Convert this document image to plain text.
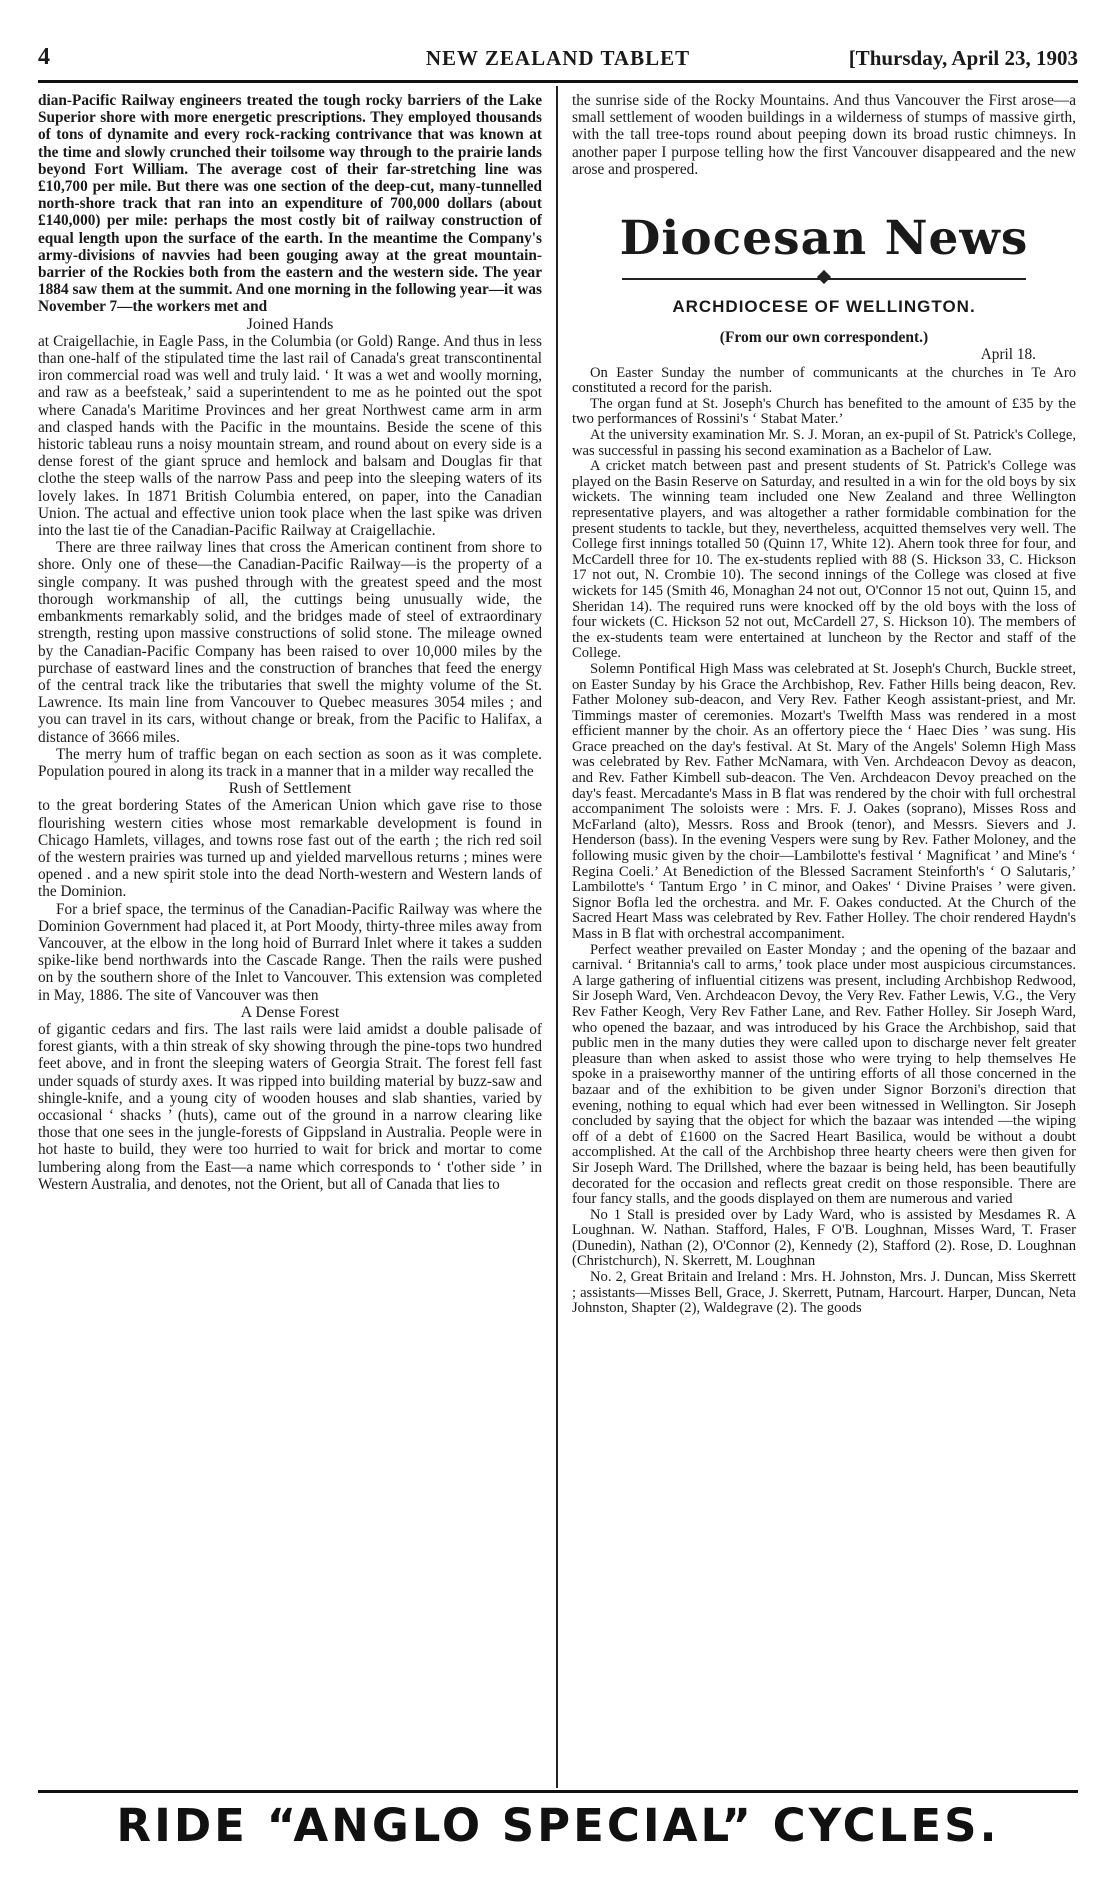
4	NEW ZEALAND TABLET	[Thursday, April 23, 1903

dian-Pacific Railway engineers treated the tough rocky barriers of the Lake Superior shore with more energetic prescriptions. They employed thousands of tons of dynamite and every rock-racking contrivance that was known at the time and slowly crunched their toilsome way through to the prairie lands beyond Fort William. The average cost of their far-stretching line was £10,700 per mile. But there was one section of the deep-cut, many-tunnelled north-shore track that ran into an expenditure of 700,000 dollars (about £140,000) per mile: perhaps the most costly bit of railway construction of equal length upon the surface of the earth. In the meantime the Company's army-divisions of navvies had been gouging away at the great mountain-barrier of the Rockies both from the eastern and the western side. The year 1884 saw them at the summit. And one morning in the following year—it was November 7—the workers met and

Joined Hands

at Craigellachie, in Eagle Pass, in the Columbia (or Gold) Range. And thus in less than one-half of the stipulated time the last rail of Canada's great transcontinental iron commercial road was well and truly laid. ‘ It was a wet and woolly morning, and raw as a beefsteak,’ said a superintendent to me as he pointed out the spot where Canada's Maritime Provinces and her great Northwest came arm in arm and clasped hands with the Pacific in the mountains. Beside the scene of this historic tableau runs a noisy mountain stream, and round about on every side is a dense forest of the giant spruce and hemlock and balsam and Douglas fir that clothe the steep walls of the narrow Pass and peep into the sleeping waters of its lovely lakes. In 1871 British Columbia entered, on paper, into the Canadian Union. The actual and effective union took place when the last spike was driven into the last tie of the Canadian-Pacific Railway at Craigellachie.

There are three railway lines that cross the American continent from shore to shore. Only one of these—the Canadian-Pacific Railway—is the property of a single company. It was pushed through with the greatest speed and the most thorough workmanship of all, the cuttings being unusually wide, the embankments remarkably solid, and the bridges made of steel of extraordinary strength, resting upon massive constructions of solid stone. The mileage owned by the Canadian-Pacific Company has been raised to over 10,000 miles by the purchase of eastward lines and the construction of branches that feed the energy of the central track like the tributaries that swell the mighty volume of the St. Lawrence. Its main line from Vancouver to Quebec measures 3054 miles ; and you can travel in its cars, without change or break, from the Pacific to Halifax, a distance of 3666 miles.

The merry hum of traffic began on each section as soon as it was complete. Population poured in along its track in a manner that in a milder way recalled the

Rush of Settlement

to the great bordering States of the American Union which gave rise to those flourishing western cities whose most remarkable development is found in Chicago Hamlets, villages, and towns rose fast out of the earth ; the rich red soil of the western prairies was turned up and yielded marvellous returns ; mines were opened . and a new spirit stole into the dead North-western and Western lands of the Dominion.

For a brief space, the terminus of the Canadian-Pacific Railway was where the Dominion Government had placed it, at Port Moody, thirty-three miles away from Vancouver, at the elbow in the long hoid of Burrard Inlet where it takes a sudden spike-like bend northwards into the Cascade Range. Then the rails were pushed on by the southern shore of the Inlet to Vancouver. This extension was completed in May, 1886. The site of Vancouver was then

A Dense Forest

of gigantic cedars and firs. The last rails were laid amidst a double palisade of forest giants, with a thin streak of sky showing through the pine-tops two hundred feet above, and in front the sleeping waters of Georgia Strait. The forest fell fast under squads of sturdy axes. It was ripped into building material by buzz-saw and shingle-knife, and a young city of wooden houses and slab shanties, varied by occasional ‘ shacks ’ (huts), came out of the ground in a narrow clearing like those that one sees in the jungle-forests of Gippsland in Australia. People were in hot haste to build, they were too hurried to wait for brick and mortar to come lumbering along from the East—a name which corresponds to ‘ t'other side ’ in Western Australia, and denotes, not the Orient, but all of Canada that lies to

the sunrise side of the Rocky Mountains. And thus Vancouver the First arose—a small settlement of wooden buildings in a wilderness of stumps of massive girth, with the tall tree-tops round about peeping down its broad rustic chimneys. In another paper I purpose telling how the first Vancouver disappeared and the new arose and prospered.

Diocesan News
ARCHDIOCESE OF WELLINGTON.
(From our own correspondent.)
April 18.

On Easter Sunday the number of communicants at the churches in Te Aro constituted a record for the parish.

The organ fund at St. Joseph's Church has benefited to the amount of £35 by the two performances of Rossini's ‘ Stabat Mater.’

At the university examination Mr. S. J. Moran, an ex-pupil of St. Patrick's College, was successful in passing his second examination as a Bachelor of Law.

A cricket match between past and present students of St. Patrick's College was played on the Basin Reserve on Saturday, and resulted in a win for the old boys by six wickets. The winning team included one New Zealand and three Wellington representative players, and was altogether a rather formidable combination for the present students to tackle, but they, nevertheless, acquitted themselves very well. The College first innings totalled 50 (Quinn 17, White 12). Ahern took three for four, and McCardell three for 10. The ex-students replied with 88 (S. Hickson 33, C. Hickson 17 not out, N. Crombie 10). The second innings of the College was closed at five wickets for 145 (Smith 46, Monaghan 24 not out, O'Connor 15 not out, Quinn 15, and Sheridan 14). The required runs were knocked off by the old boys with the loss of four wickets (C. Hickson 52 not out, McCardell 27, S. Hickson 10). The members of the ex-students team were entertained at luncheon by the Rector and staff of the College.

Solemn Pontifical High Mass was celebrated at St. Joseph's Church, Buckle street, on Easter Sunday by his Grace the Archbishop, Rev. Father Hills being deacon, Rev. Father Moloney sub-deacon, and Very Rev. Father Keogh assistant-priest, and Mr. Timmings master of ceremonies. Mozart's Twelfth Mass was rendered in a most efficient manner by the choir. As an offertory piece the ‘ Haec Dies ’ was sung. His Grace preached on the day's festival. At St. Mary of the Angels' Solemn High Mass was celebrated by Rev. Father McNamara, with Ven. Archdeacon Devoy as deacon, and Rev. Father Kimbell sub-deacon. The Ven. Archdeacon Devoy preached on the day's feast. Mercadante's Mass in B flat was rendered by the choir with full orchestral accompaniment The soloists were : Mrs. F. J. Oakes (soprano), Misses Ross and McFarland (alto), Messrs. Ross and Brook (tenor), and Messrs. Sievers and J. Henderson (bass). In the evening Vespers were sung by Rev. Father Moloney, and the following music given by the choir—Lambilotte's festival ‘ Magnificat ’ and Mine's ‘ Regina Coeli.’ At Benediction of the Blessed Sacrament Steinforth's ‘ O Salutaris,’ Lambilotte's ‘ Tantum Ergo ’ in C minor, and Oakes' ‘ Divine Praises ’ were given. Signor Bofla led the orchestra. and Mr. F. Oakes conducted. At the Church of the Sacred Heart Mass was celebrated by Rev. Father Holley. The choir rendered Haydn's Mass in B flat with orchestral accompaniment.

Perfect weather prevailed on Easter Monday ; and the opening of the bazaar and carnival. ‘ Britannia's call to arms,’ took place under most auspicious circumstances. A large gathering of influential citizens was present, including Archbishop Redwood, Sir Joseph Ward, Ven. Archdeacon Devoy, the Very Rev. Father Lewis, V.G., the Very Rev Father Keogh, Very Rev Father Lane, and Rev. Father Holley. Sir Joseph Ward, who opened the bazaar, and was introduced by his Grace the Archbishop, said that public men in the many duties they were called upon to discharge never felt greater pleasure than when asked to assist those who were trying to help themselves He spoke in a praiseworthy manner of the untiring efforts of all those concerned in the bazaar and of the exhibition to be given under Signor Borzoni's direction that evening, nothing to equal which had ever been witnessed in Wellington. Sir Joseph concluded by saying that the object for which the bazaar was intended —the wiping off of a debt of £1600 on the Sacred Heart Basilica, would be without a doubt accomplished. At the call of the Archbishop three hearty cheers were then given for Sir Joseph Ward. The Drillshed, where the bazaar is being held, has been beautifully decorated for the occasion and reflects great credit on those responsible. There are four fancy stalls, and the goods displayed on them are numerous and varied

No 1 Stall is presided over by Lady Ward, who is assisted by Mesdames R. A Loughnan. W. Nathan. Stafford, Hales, F O'B. Loughnan, Misses Ward, T. Fraser (Dunedin), Nathan (2), O'Connor (2), Kennedy (2), Stafford (2). Rose, D. Loughnan (Christchurch), N. Skerrett, M. Loughnan

No. 2, Great Britain and Ireland : Mrs. H. Johnston, Mrs. J. Duncan, Miss Skerrett ; assistants—Misses Bell, Grace, J. Skerrett, Putnam, Harcourt. Harper, Duncan, Neta Johnston, Shapter (2), Waldegrave (2). The goods

RIDE “ANGLO SPECIAL” CYCLES.
